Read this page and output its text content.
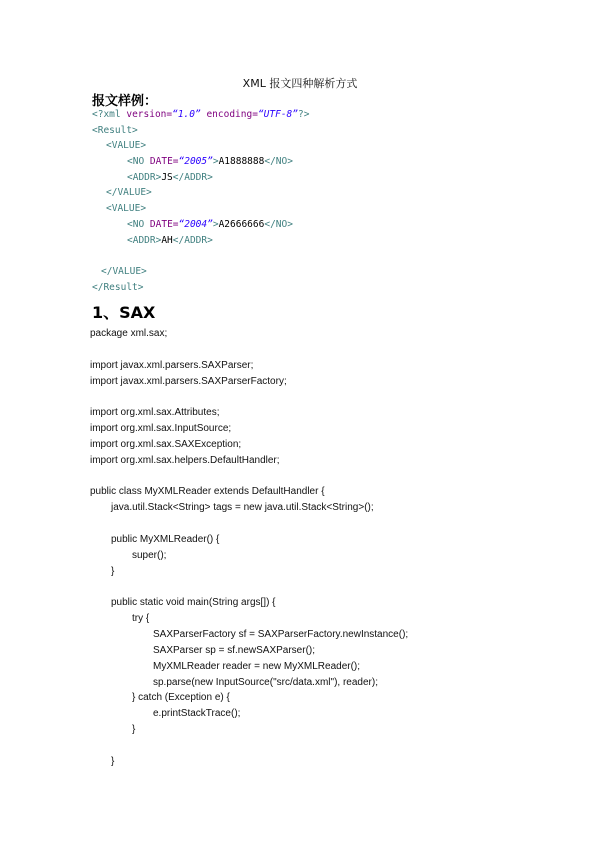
XML 报文四种解析方式
报文样例：
<?xml version=“1.0” encoding=“UTF-8”?>
<Result>
<VALUE>
<NO DATE=“2005”>A1888888</NO>
<ADDR>JS</ADDR>
</VALUE>
<VALUE>
<NO DATE=“2004”>A2666666</NO>
<ADDR>AH</ADDR>
</VALUE>
</Result>
1、SAX
package xml.sax;
import javax.xml.parsers.SAXParser;
import javax.xml.parsers.SAXParserFactory;
import org.xml.sax.Attributes;
import org.xml.sax.InputSource;
import org.xml.sax.SAXException;
import org.xml.sax.helpers.DefaultHandler;
public class MyXMLReader extends DefaultHandler {
java.util.Stack<String> tags = new java.util.Stack<String>();
public MyXMLReader() {
super();
}
public static void main(String args[]) {
try {
SAXParserFactory sf = SAXParserFactory.newInstance();
SAXParser sp = sf.newSAXParser();
MyXMLReader reader = new MyXMLReader();
sp.parse(new InputSource("src/data.xml"), reader);
} catch (Exception e) {
e.printStackTrace();
}
}
